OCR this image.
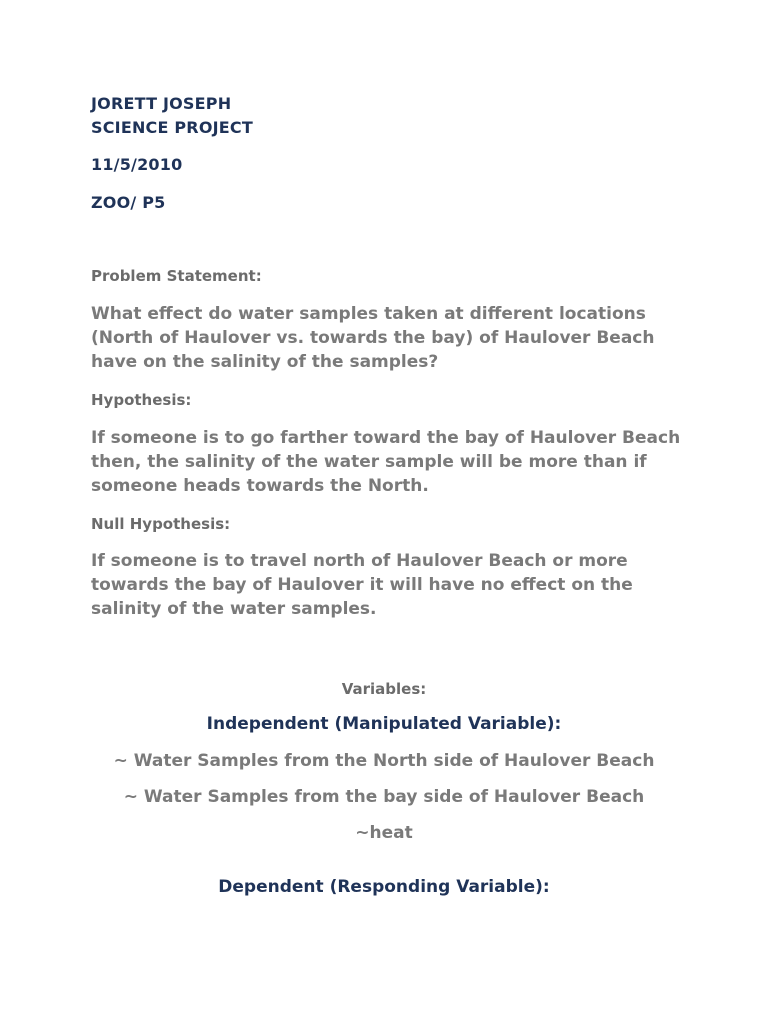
JORETT JOSEPH

SCIENCE PROJECT

11/5/2010

ZOO/ P5

Problem Statement:

What effect do water samples taken at different locations (North of Haulover vs. towards the bay) of Haulover Beach have on the salinity of the samples?

Hypothesis:

If someone is to go farther toward the bay of Haulover Beach then, the salinity of the water sample will be more than if someone heads towards the North.

Null Hypothesis:

If someone is to travel north of Haulover Beach or more towards the bay of Haulover it will have no effect on the salinity of the water samples.

Variables:

Independent (Manipulated Variable):

~ Water Samples from the North side of Haulover Beach

~ Water Samples from the bay side of Haulover Beach

~heat

Dependent (Responding Variable):
